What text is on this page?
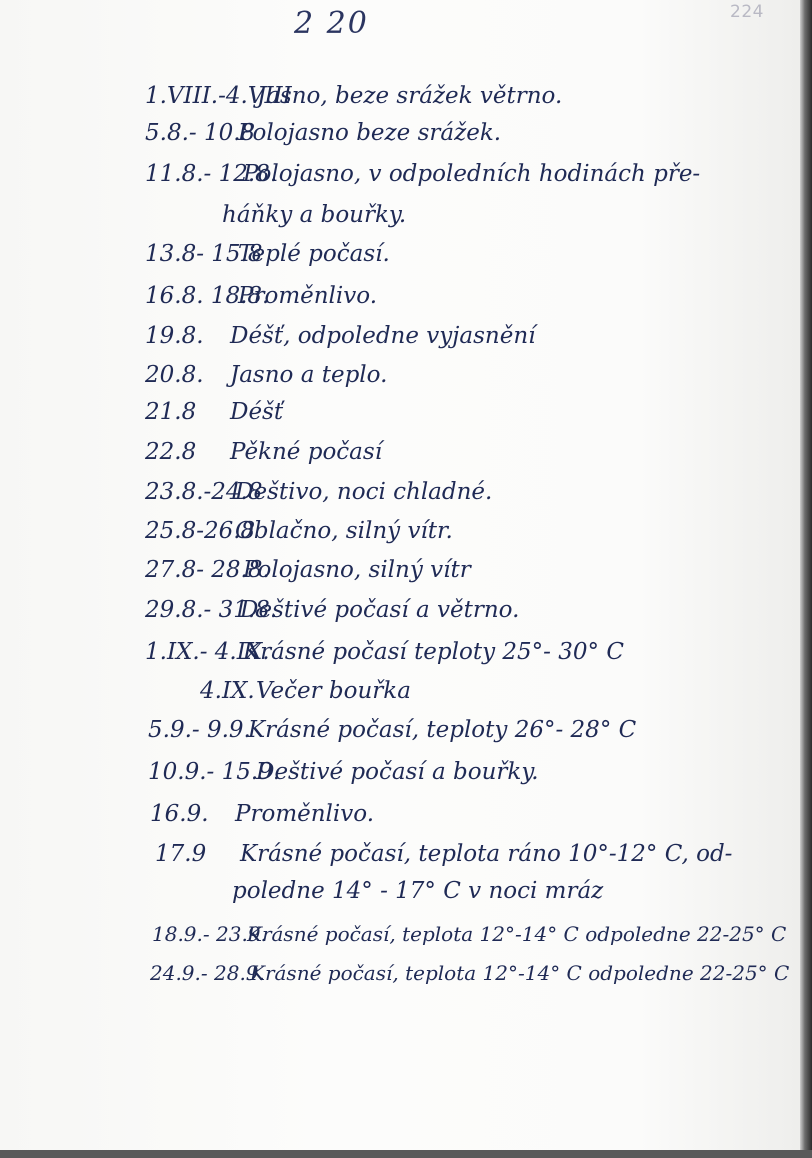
2 20	224
1.VIII.-4.VIIIJasno, beze srážek větrno.
5.8.- 10.8Polojasno beze srážek.
11.8.- 12.8.Polojasno, v odpoledních hodinách pře-
háňky a bouřky.
13.8- 15.8Teplé počasí.
16.8. 18.8.Proměnlivo.
19.8. Déšť, odpoledne vyjasnění
20.8. Jasno a teplo.
21.8 Déšť
22.8 Pěkné počasí
23.8.-24.8Deštivo, noci chladné.
25.8-26.8Oblačno, silný vítr.
27.8- 28.8.Polojasno, silný vítr
29.8.- 31.8.Deštivé počasí a větrno.
1.IX.- 4.IX.Krásné počasí teploty 25°- 30° C
4.IX.Večer bouřka
5.9.- 9.9.Krásné počasí, teploty 26°- 28° C
10.9.- 15.9.Deštivé počasí a bouřky.
16.9. Proměnlivo.
17.9 Krásné počasí, teplota ráno 10°-12° C, od-
poledne 14° - 17° C v noci mráz
18.9.- 23.9.Krásné počasí, teplota 12°-14° C odpoledne 22-25° C
24.9.- 28.9.Krásné počasí, teplota 12°-14° C odpoledne 22-25° C
